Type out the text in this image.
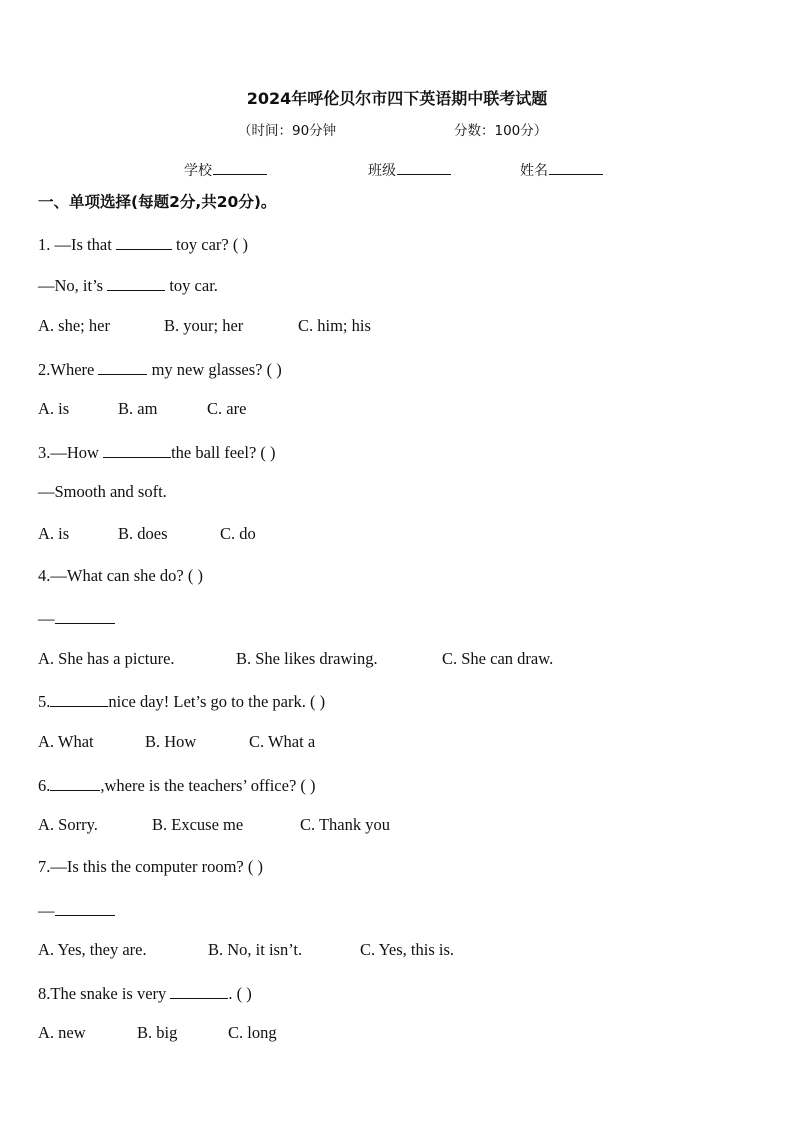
2024年呼伦贝尔市四下英语期中联考试题
（时间：90分钟	分数：100分）
学校	班级	姓名
一、单项选择(每题2分,共20分)。
1. —Is that	toy car? ( )
—No, it’s	toy car.
A. she; her	B. your; her	C. him; his
2.Where	my new glasses? ( )
A. is	B. am	C. are
3.—How	the ball feel? ( )
—Smooth and soft.
A. is	B. does	C. do
4.—What can she do? ( )
—
A. She has a picture.	B. She likes drawing.	C. She can draw.
5.	nice day! Let’s go to the park. ( )
A. What	B. How	C. What a
6.	,where is the teachers’ office? ( )
A. Sorry.	B. Excuse me	C. Thank you
7.—Is this the computer room? ( )
—
A. Yes, they are.	B. No, it isn’t.	C. Yes, this is.
8.The snake is very	. ( )
A. new	B. big	C. long
